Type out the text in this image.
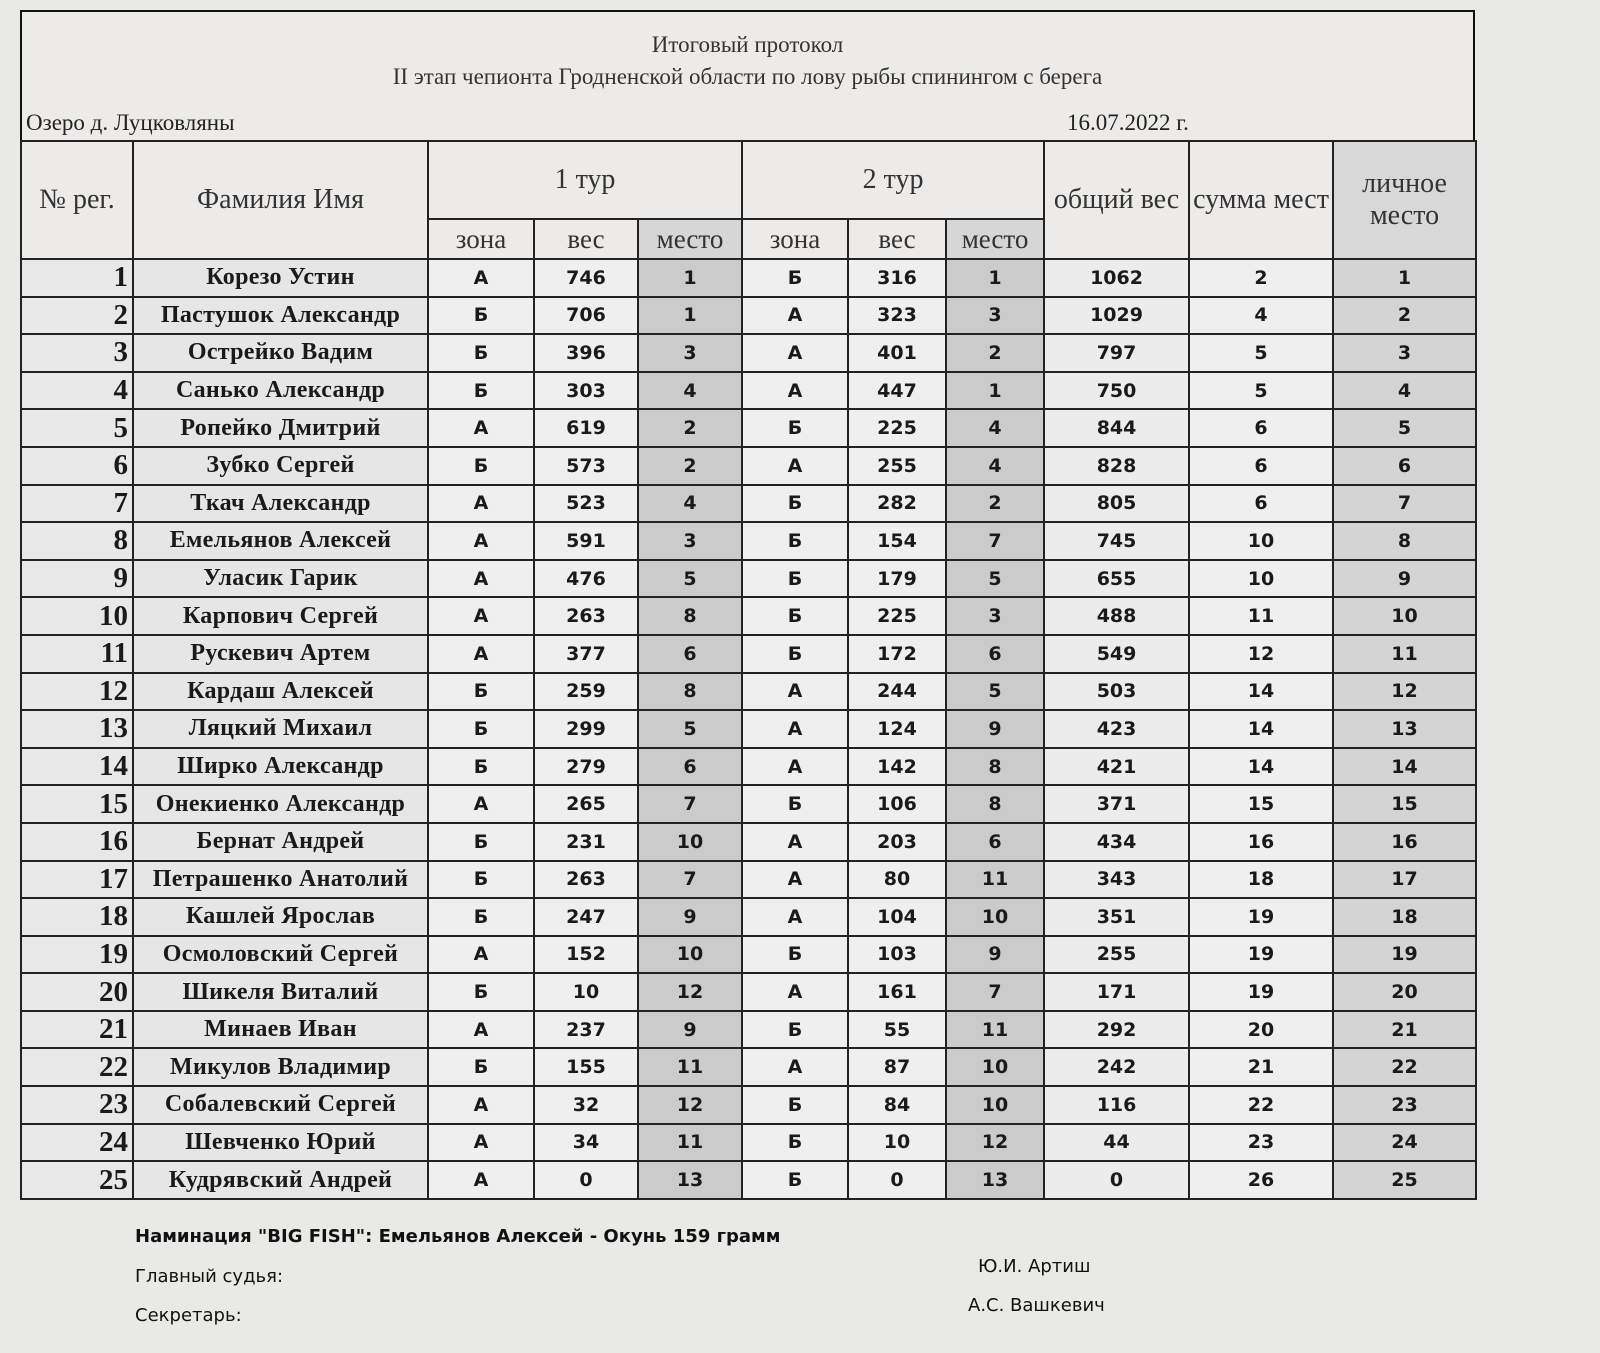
Итоговый протокол
II этап чепионта Гродненской области по лову рыбы спинингом с берега
Озеро д. Луцковляны	16.07.2022 г.
№ рег.	Фамилия Имя	1 тур			2 тур			общий вес	сумма мест	личное место
		зона	вес	место	зона	вес	место			
1	Корезо Устин	А	746	1	Б	316	1	1062	2	1
2	Пастушок Александр	Б	706	1	А	323	3	1029	4	2
3	Острейко Вадим	Б	396	3	А	401	2	797	5	3
4	Санько Александр	Б	303	4	А	447	1	750	5	4
5	Ропейко Дмитрий	А	619	2	Б	225	4	844	6	5
6	Зубко Сергей	Б	573	2	А	255	4	828	6	6
7	Ткач Александр	А	523	4	Б	282	2	805	6	7
8	Емельянов Алексей	А	591	3	Б	154	7	745	10	8
9	Уласик Гарик	А	476	5	Б	179	5	655	10	9
10	Карпович Сергей	А	263	8	Б	225	3	488	11	10
11	Рускевич Артем	А	377	6	Б	172	6	549	12	11
12	Кардаш Алексей	Б	259	8	А	244	5	503	14	12
13	Ляцкий Михаил	Б	299	5	А	124	9	423	14	13
14	Ширко Александр	Б	279	6	А	142	8	421	14	14
15	Онекиенко Александр	А	265	7	Б	106	8	371	15	15
16	Бернат Андрей	Б	231	10	А	203	6	434	16	16
17	Петрашенко Анатолий	Б	263	7	А	80	11	343	18	17
18	Кашлей Ярослав	Б	247	9	А	104	10	351	19	18
19	Осмоловский Сергей	А	152	10	Б	103	9	255	19	19
20	Шикеля Виталий	Б	10	12	А	161	7	171	19	20
21	Минаев Иван	А	237	9	Б	55	11	292	20	21
22	Микулов Владимир	Б	155	11	А	87	10	242	21	22
23	Собалевский Сергей	А	32	12	Б	84	10	116	22	23
24	Шевченко Юрий	А	34	11	Б	10	12	44	23	24
25	Кудрявский Андрей	А	0	13	Б	0	13	0	26	25
Наминация "BIG FISH": Емельянов Алексей - Окунь 159 грамм
Главный судья:	Ю.И. Артиш
Секретарь:	А.С. Вашкевич
